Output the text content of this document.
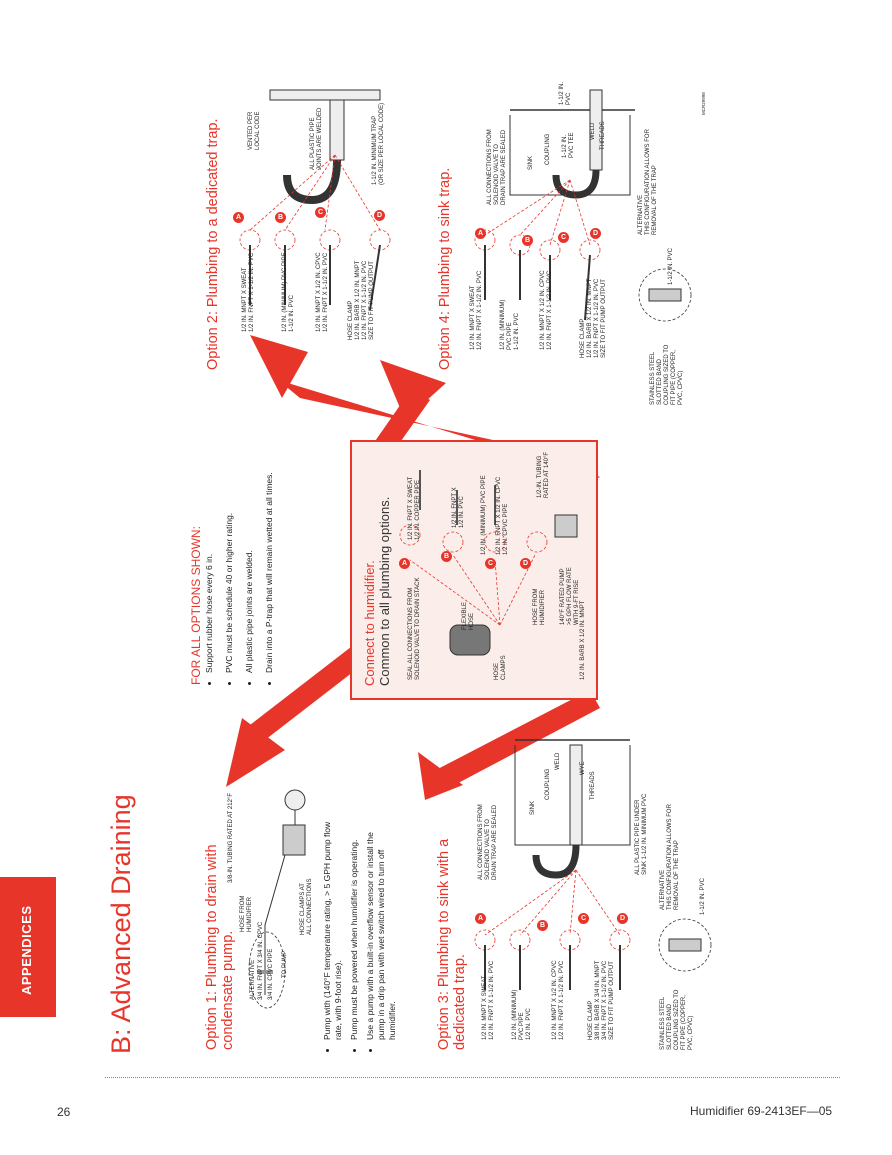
APPENDICES	B: Advanced Draining	Option 1: Plumbing to drain with condensate pump.
3/8-IN. TUBING RATED AT 212°F
HOSE FROM
HUMIDIFIER
ALTERNATIVE 3/4 IN. FNPT X 3/4 IN. CPVC 3/4 IN. CPVC PIPE TO PUMP
HOSE CLAMPS AT
ALL CONNECTIONS • Pump with (140°F temperature rating, > 5 GPH pump flow rate, with 9-foot rise). • Pump must be powered when humidifier is operating. • Use a pump with a built-in overflow sensor or install the pump in a drip pan with wet switch wired to turn off humidifier.
FOR ALL OPTIONS SHOWN: • Support rubber hose every 6 in. • PVC must be schedule 40 or higher rating. • All plastic pipe joints are welded. • Drain into a P-trap that will remain wetted at all times.	Connect to humidifier. Common to all plumbing options.	A
B
C	D
1/2 IN. FNPT X SWEAT
1/2 IN. COPPER PIPE
1/2 IN. FNPT X
1/2 IN. PVC	1/2 IN. (MINIMUM) PVC PIPE 1/2 IN. FNPT X 1/2 IN. CPVC
1/2 IN. CPVC PIPE
1/2-IN. TUBING
RATED AT 140°F
SEAL ALL CONNECTIONS FROM
SOLENOID VALVE TO DRAIN STACK
FLEXIBLE
HOSE	HOSE FROM
HUMIDIFIER
HOSE
CLAMPS	1/2 IN. BARB X 1/2 IN. MNPT
140°F RATED PUMP
>5 GPH FLOW RATE
WITH 9-FT RISE
Option 2: Plumbing to a dedicated trap.	A	B
C	D
1/2 IN. MNPT X SWEAT
1/2 IN. FNPT X 1-1/2 IN. PVC
1/2 IN. (MINIMUM) PVC PIPE
1-1/2 IN. PVC
1/2 IN. MNPT X 1/2 IN. CPVC
1/2 IN. FNPT X 1-1/2 IN. PVC
HOSE CLAMP
1/2 IN. BARB X 1/2 IN. MNPT
1/2 IN. FNPT X 1-1/2 IN. PVC
SIZE TO FIT PUMP OUTPUT
VENTED PER
LOCAL CODE
ALL PLASTIC PIPE
JOINTS ARE WELDED
1-1/2 IN. MINIMUM TRAP
(OR SIZE PER LOCAL CODE)
Option 3: Plumbing to sink with a dedicated trap.
A
B
C	D
1/2 IN. MNPT X SWEAT
1/2 IN. FNPT X 1-1/2 IN. PVC
1/2 IN. (MINIMUM)
PVC PIPE
1/2 IN. PVC
1/2 IN. MNPT X 1/2 IN. CPVC
1/2 IN. FNPT X 1-1/2 IN. PVC
HOSE CLAMP
3/8 IN. BARB X 3/4 IN. MNPT
3/4 IN. FNPT X 1-1/2 IN. PVC
SIZE TO FIT PUMP OUTPUT
ALL CONNECTIONS FROM
SOLENOID VALVE TO
DRAIN TRAP ARE SEALED	SINK
COUPLING
WELD	WYE
THREADS
ALL PLASTIC PIPE UNDER
SINK 1-1/2 IN. MINIMUM PVC
ALTERNATIVE
THIS CONFIGURATION ALLOWS FOR
REMOVAL OF THE TRAP
1-1/2 IN. PVC
STAINLESS STEEL
SLOTTED BAND
COUPLING SIZED TO
FIT PIPE (COPPER,
PVC, CPVC)
Option 4: Plumbing to sink trap.	A
B	C
D
1/2 IN. MNPT X SWEAT
1/2 IN. FNPT X 1-1/2 IN. PVC
1/2 IN. (MINIMUM)
PVC PIPE
1-1/2 IN. PVC
1/2 IN. MNPT X 1/2 IN. CPVC
1/2 IN. FNPT X 1-1/2 IN. PVC
HOSE CLAMP
1/2 IN. BARB X 1/2 IN. MNPT
1/2 IN. FNPT X 1-1/2 IN. PVC
SIZE TO FIT PUMP OUTPUT
ALL CONNECTIONS FROM
SOLENOID VALVE TO
DRAIN TRAP ARE SEALED
SINK COUPLING 1-1/2 IN.
PVC TEE	WELD THREADS
1-1/2 IN.
PVC
ALTERNATIVE
THIS CONFIGURATION ALLOWS FOR
REMOVAL OF THE TRAP
1-1/2 IN. PVC
STAINLESS STEEL
SLOTTED BAND
COUPLING SIZED TO
FIT PIPE (COPPER,
PVC, CPVC)
MCR29998
26	Humidifier 69-2413EF—05
